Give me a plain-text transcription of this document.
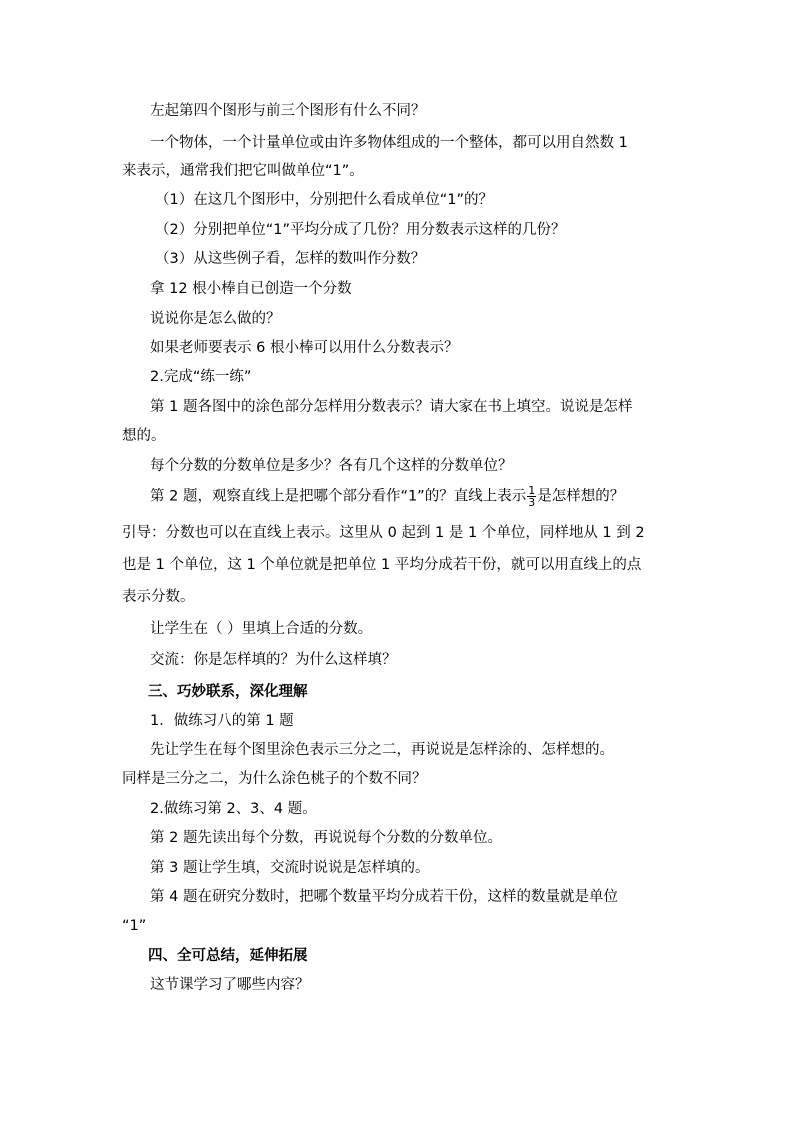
左起第四个图形与前三个图形有什么不同？
一个物体，一个计量单位或由许多物体组成的一个整体，都可以用自然数 1
来表示，通常我们把它叫做单位“1”。
（1）在这几个图形中，分别把什么看成单位“1”的？
（2）分别把单位“1”平均分成了几份？用分数表示这样的几份？
（3）从这些例子看，怎样的数叫作分数？
拿 12 根小棒自已创造一个分数
说说你是怎么做的？
如果老师要表示 6 根小棒可以用什么分数表示？
2.完成“练一练”
第 1 题各图中的涂色部分怎样用分数表示？请大家在书上填空。说说是怎样
想的。
每个分数的分数单位是多少？各有几个这样的分数单位？
第 2 题，观察直线上是把哪个部分看作“1”的？直线上表示 $\frac{1}{3}$ 是怎样想的？
引导：分数也可以在直线上表示。这里从 0 起到 1 是 1 个单位，同样地从 1 到 2
也是 1 个单位，这 1 个单位就是把单位 1 平均分成若干份，就可以用直线上的点
表示分数。
让学生在（ ）里填上合适的分数。
交流：你是怎样填的？为什么这样填？
三、巧妙联系，深化理解
1．做练习八的第 1 题
先让学生在每个图里涂色表示三分之二，再说说是怎样涂的、怎样想的。
同样是三分之二，为什么涂色桃子的个数不同？
2.做练习第 2、3、4 题。
第 2 题先读出每个分数，再说说每个分数的分数单位。
第 3 题让学生填，交流时说说是怎样填的。
第 4 题在研究分数时，把哪个数量平均分成若干份，这样的数量就是单位
“1”
四、全可总结，延伸拓展
这节课学习了哪些内容？
